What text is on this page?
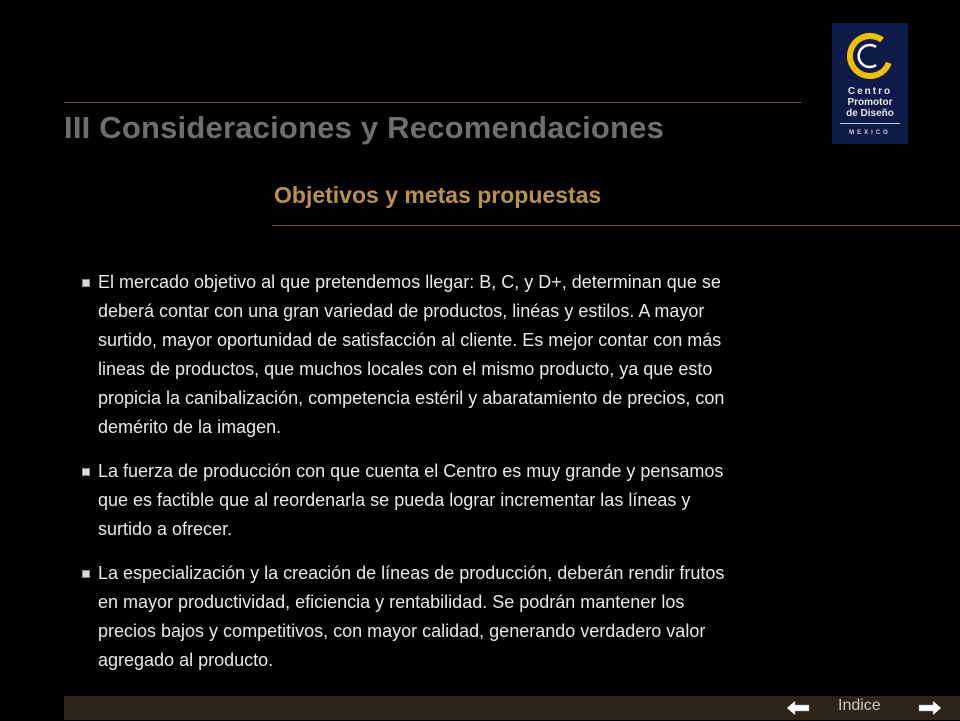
III Consideraciones y Recomendaciones
Centro
Promotor
de Diseño
MEXICO
Objetivos y metas propuestas
El mercado objetivo al que pretendemos llegar: B, C, y D+, determinan que se
deberá contar con una gran variedad de productos, linéas y estilos. A mayor
surtido, mayor oportunidad de satisfacción al cliente. Es mejor contar con más
lineas de productos, que muchos locales con el mismo producto, ya que esto
propicia la canibalización, competencia estéril y abaratamiento de precios, con
demérito de la imagen.
La fuerza de producción con que cuenta el Centro es muy grande y pensamos
que es factible que al reordenarla se pueda lograr incrementar las líneas y
surtido a ofrecer.
La especialización y la creación de líneas de producción, deberán rendir frutos
en mayor productividad, eficiencia y rentabilidad. Se podrán mantener los
precios bajos y competitivos, con mayor calidad, generando verdadero valor
agregado al producto.
Indice
